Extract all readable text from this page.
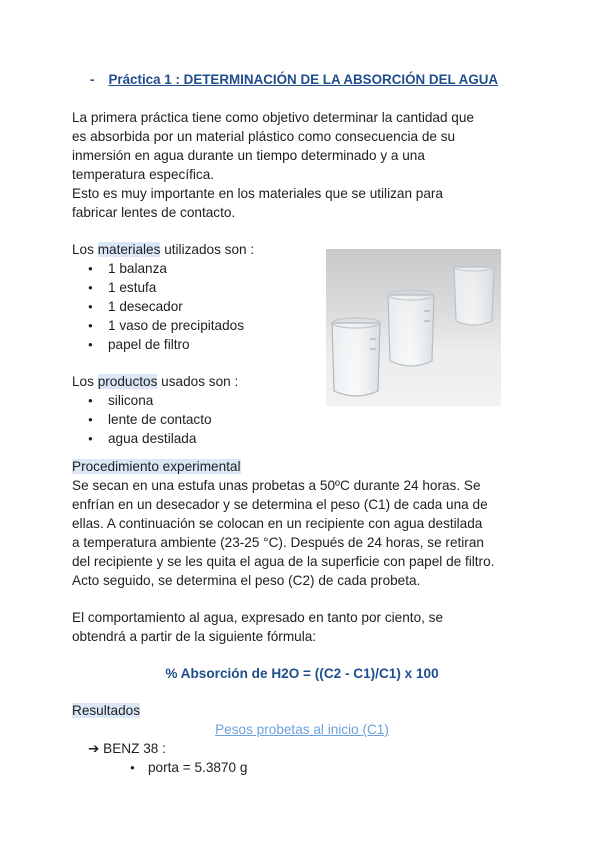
- Práctica 1 : DETERMINACIÓN DE LA ABSORCIÓN DEL AGUA

La primera práctica tiene como objetivo determinar la cantidad que

es absorbida por un material plástico como consecuencia de su

inmersión en agua durante un tiempo determinado y a una

temperatura específica.

Esto es muy importante en los materiales que se utilizan para

fabricar lentes de contacto.

Los materiales utilizados son :

● 1 balanza
● 1 estufa
● 1 desecador
● 1 vaso de precipitados
● papel de filtro

Los productos usados son :

● silicona
● lente de contacto
● agua destilada

Procedimiento experimental

Se secan en una estufa unas probetas a 50ºC durante 24 horas. Se

enfrían en un desecador y se determina el peso (C1) de cada una de

ellas. A continuación se colocan en un recipiente con agua destilada

a temperatura ambiente (23-25 °C). Después de 24 horas, se retiran

del recipiente y se les quita el agua de la superficie con papel de filtro.

Acto seguido, se determina el peso (C2) de cada probeta.

El comportamiento al agua, expresado en tanto por ciento, se

obtendrá a partir de la siguiente fórmula:

% Absorción de H2O = ((C2 - C1)/C1) x 100

Resultados

Pesos probetas al inicio (C1)

➔ BENZ 38 :

● porta = 5.3870 g
